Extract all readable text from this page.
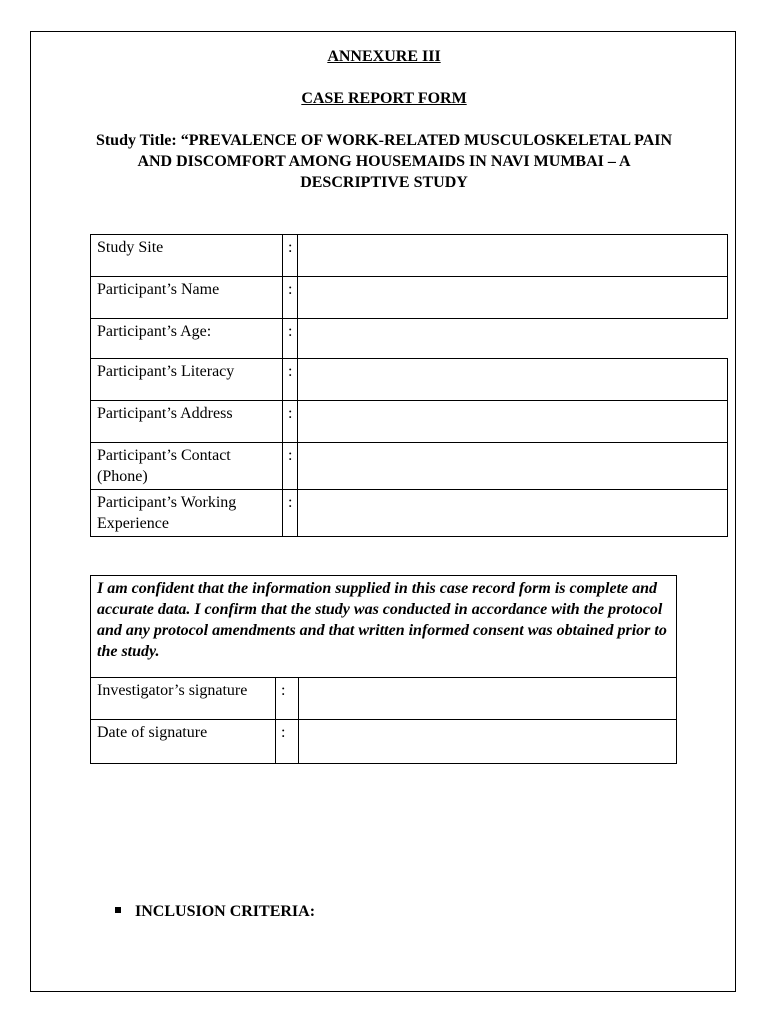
ANNEXURE III
CASE REPORT FORM
Study Title: “PREVALENCE OF WORK-RELATED MUSCULOSKELETAL PAIN AND DISCOMFORT AMONG HOUSEMAIDS IN NAVI MUMBAI – A DESCRIPTIVE STUDY
Study Site	:	
Participant’s Name	:	
Participant’s Age:	:	
Participant’s Literacy	:	
Participant’s Address	:	
Participant’s Contact (Phone)	:	
Participant’s Working Experience	:	
I am confident that the information supplied in this case record form is complete and accurate data. I confirm that the study was conducted in accordance with the protocol and any protocol amendments and that written informed consent was obtained prior to the study.		
Investigator’s signature	:	
Date of signature	:	
INCLUSION CRITERIA:
